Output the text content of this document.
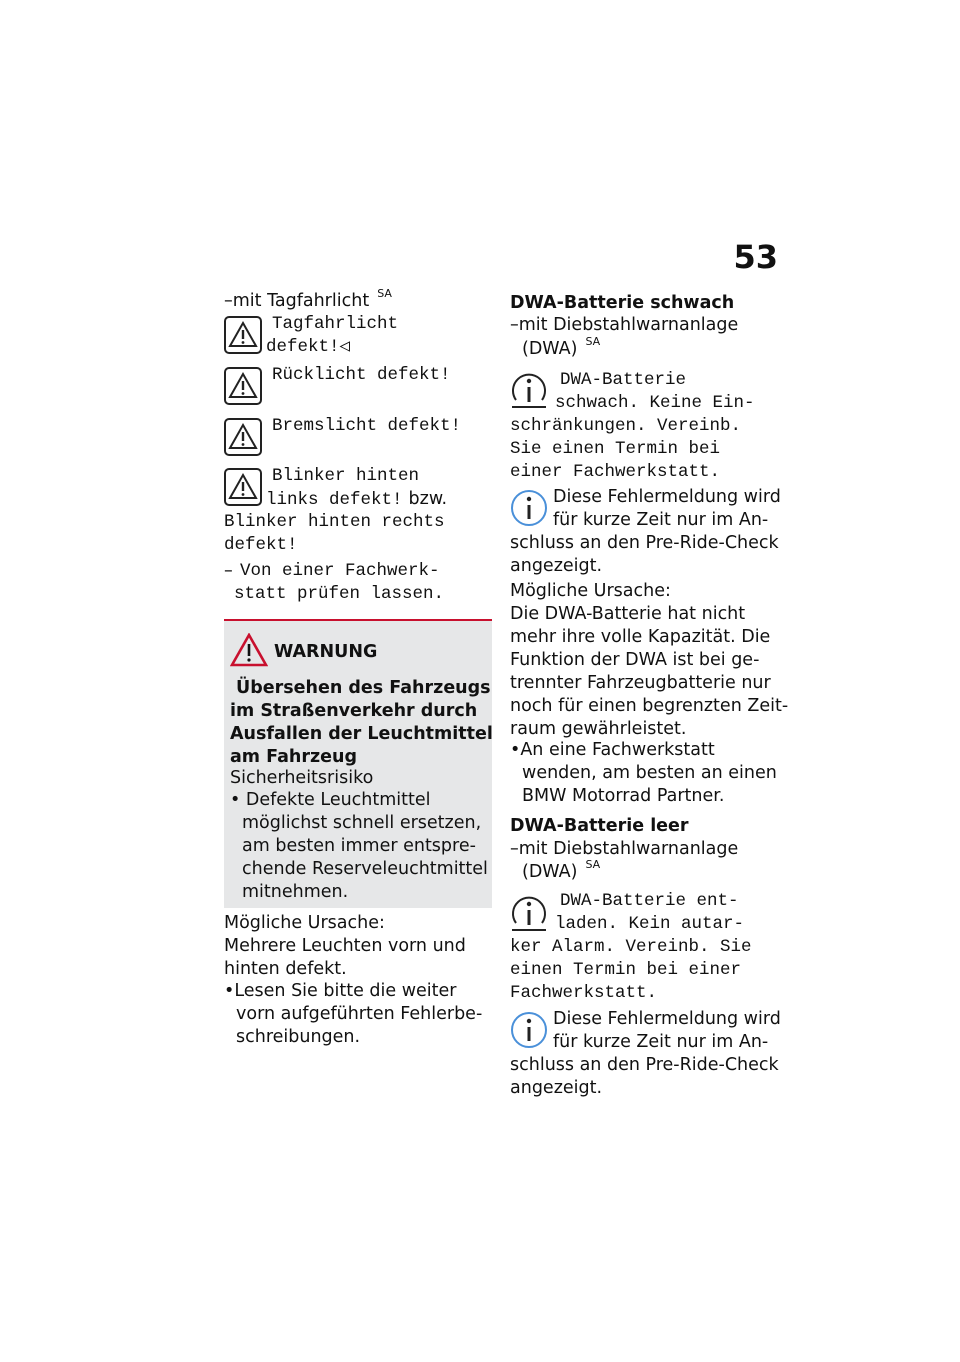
53
–mit Tagfahrlicht $^{SA}$
Tagfahrlicht
defekt!◁
Rücklicht defekt!
Bremslicht defekt!
Blinker hinten
links defekt! bzw.
Blinker hinten rechts
defekt!
– Von einer Fachwerk-
statt prüfen lassen.
WARNUNG
Übersehen des Fahrzeugs
im Straßenverkehr durch
Ausfallen der Leuchtmittel
am Fahrzeug
Sicherheitsrisiko
• Defekte Leuchtmittel
möglichst schnell ersetzen,
am besten immer entspre-
chende Reserveleuchtmittel
mitnehmen.
Mögliche Ursache:
Mehrere Leuchten vorn und
hinten defekt.
•Lesen Sie bitte die weiter
vorn aufgeführten Fehlerbe-
schreibungen.
DWA-Batterie schwach
–mit Diebstahlwarnanlage
(DWA) $^{SA}$
DWA-Batterie
schwach. Keine Ein-
schränkungen. Vereinb.
Sie einen Termin bei
einer Fachwerkstatt.
Diese Fehlermeldung wird
für kurze Zeit nur im An-
schluss an den Pre-Ride-Check
angezeigt.
Mögliche Ursache:
Die DWA-Batterie hat nicht
mehr ihre volle Kapazität. Die
Funktion der DWA ist bei ge-
trennter Fahrzeugbatterie nur
noch für einen begrenzten Zeit-
raum gewährleistet.
•An eine Fachwerkstatt
wenden, am besten an einen
BMW Motorrad Partner.
DWA-Batterie leer
–mit Diebstahlwarnanlage
(DWA) $^{SA}$
DWA-Batterie ent-
laden. Kein autar-
ker Alarm. Vereinb. Sie
einen Termin bei einer
Fachwerkstatt.
Diese Fehlermeldung wird
für kurze Zeit nur im An-
schluss an den Pre-Ride-Check
angezeigt.
